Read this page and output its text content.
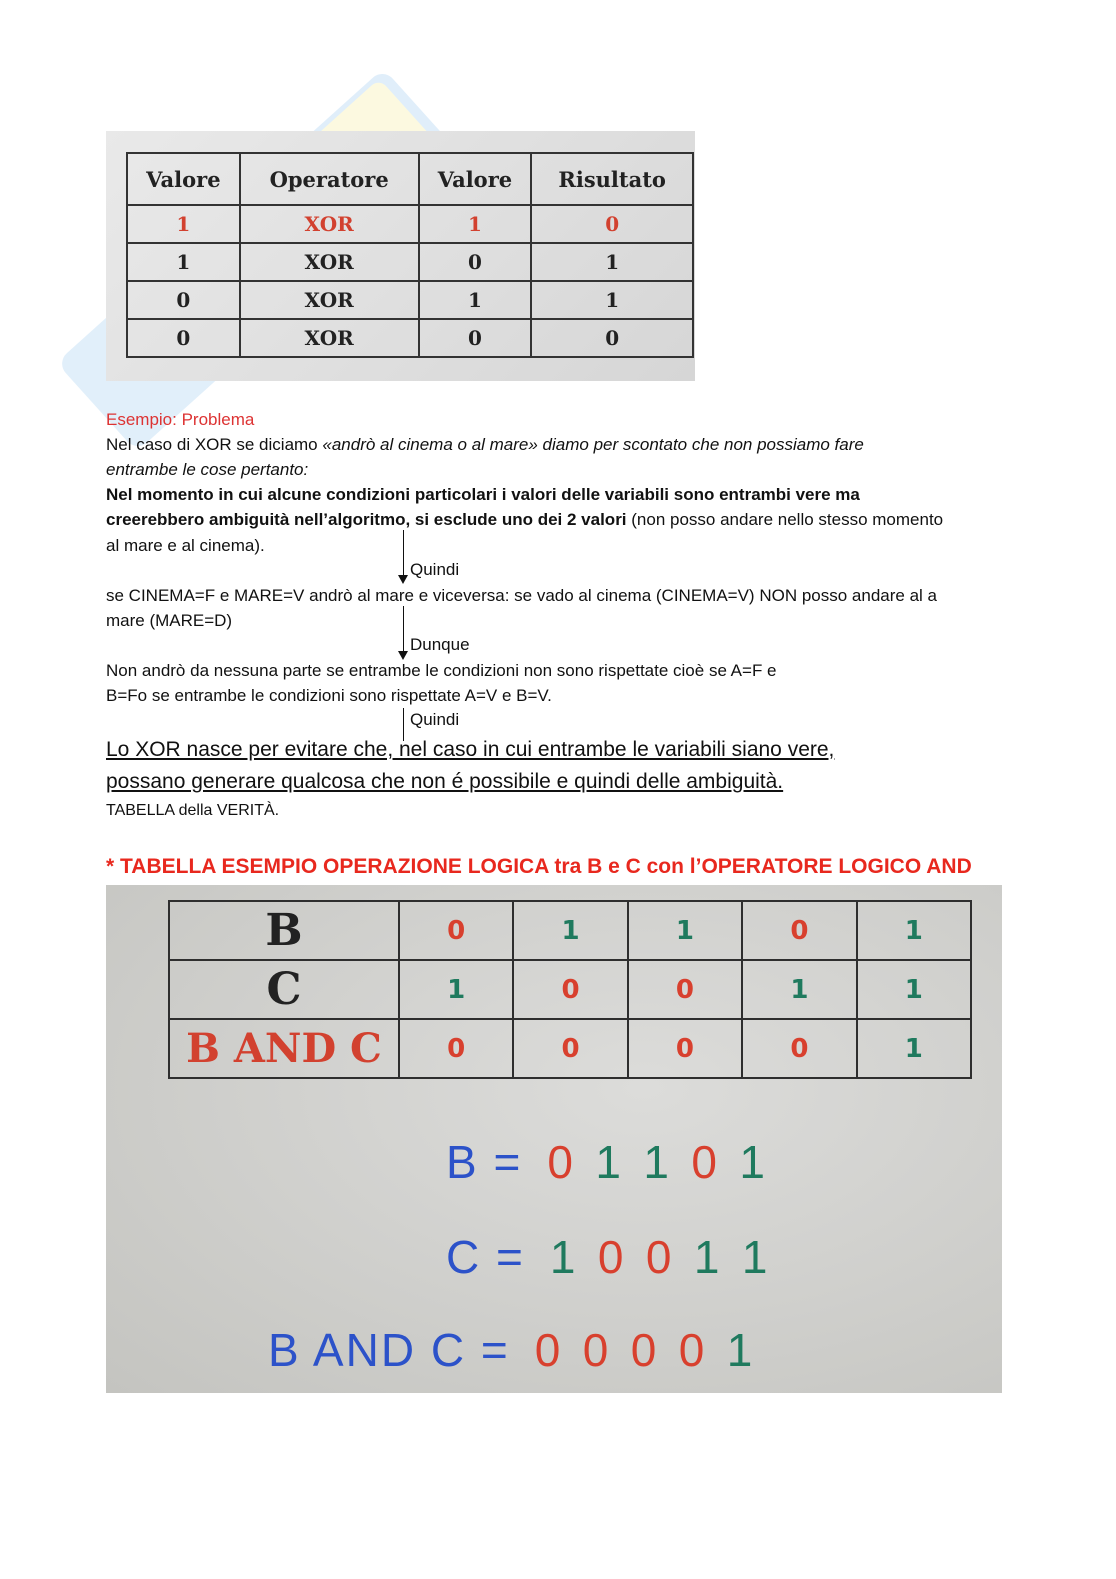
Valore	Operatore	Valore	Risultato
1	XOR	1	0
1	XOR	0	1
0	XOR	1	1
0	XOR	0	0
Esempio: Problema
Nel caso di XOR se diciamo «andrò al cinema o al mare» diamo per scontato che non possiamo fare
entrambe le cose pertanto:
Nel momento in cui alcune condizioni particolari i valori delle variabili sono entrambi vere ma
creerebbero ambiguità nell’algoritmo, si esclude uno dei 2 valori (non posso andare nello stesso momento
al mare e al cinema).
Quindi
se CINEMA=F e MARE=V andrò al mare e viceversa: se vado al cinema (CINEMA=V) NON posso andare al a
mare (MARE=D)
Dunque
Non andrò da nessuna parte se entrambe le condizioni non sono rispettate cioè se A=F e
B=Fo se entrambe le condizioni sono rispettate A=V e B=V.
Quindi
Lo XOR nasce per evitare che, nel caso in cui entrambe le variabili siano vere,
possano generare qualcosa che non é possibile e quindi delle ambiguità.
TABELLA della VERITÀ.
* TABELLA ESEMPIO OPERAZIONE LOGICA tra B e C con l’OPERATORE LOGICO AND
B	0	1	1	0	1
C	1	0	0	1	1
B AND C	0	0	0	0	1
B = 0 1 1 0 1
C = 1 0 0 1 1
B AND C = 0 0 0 0 1
